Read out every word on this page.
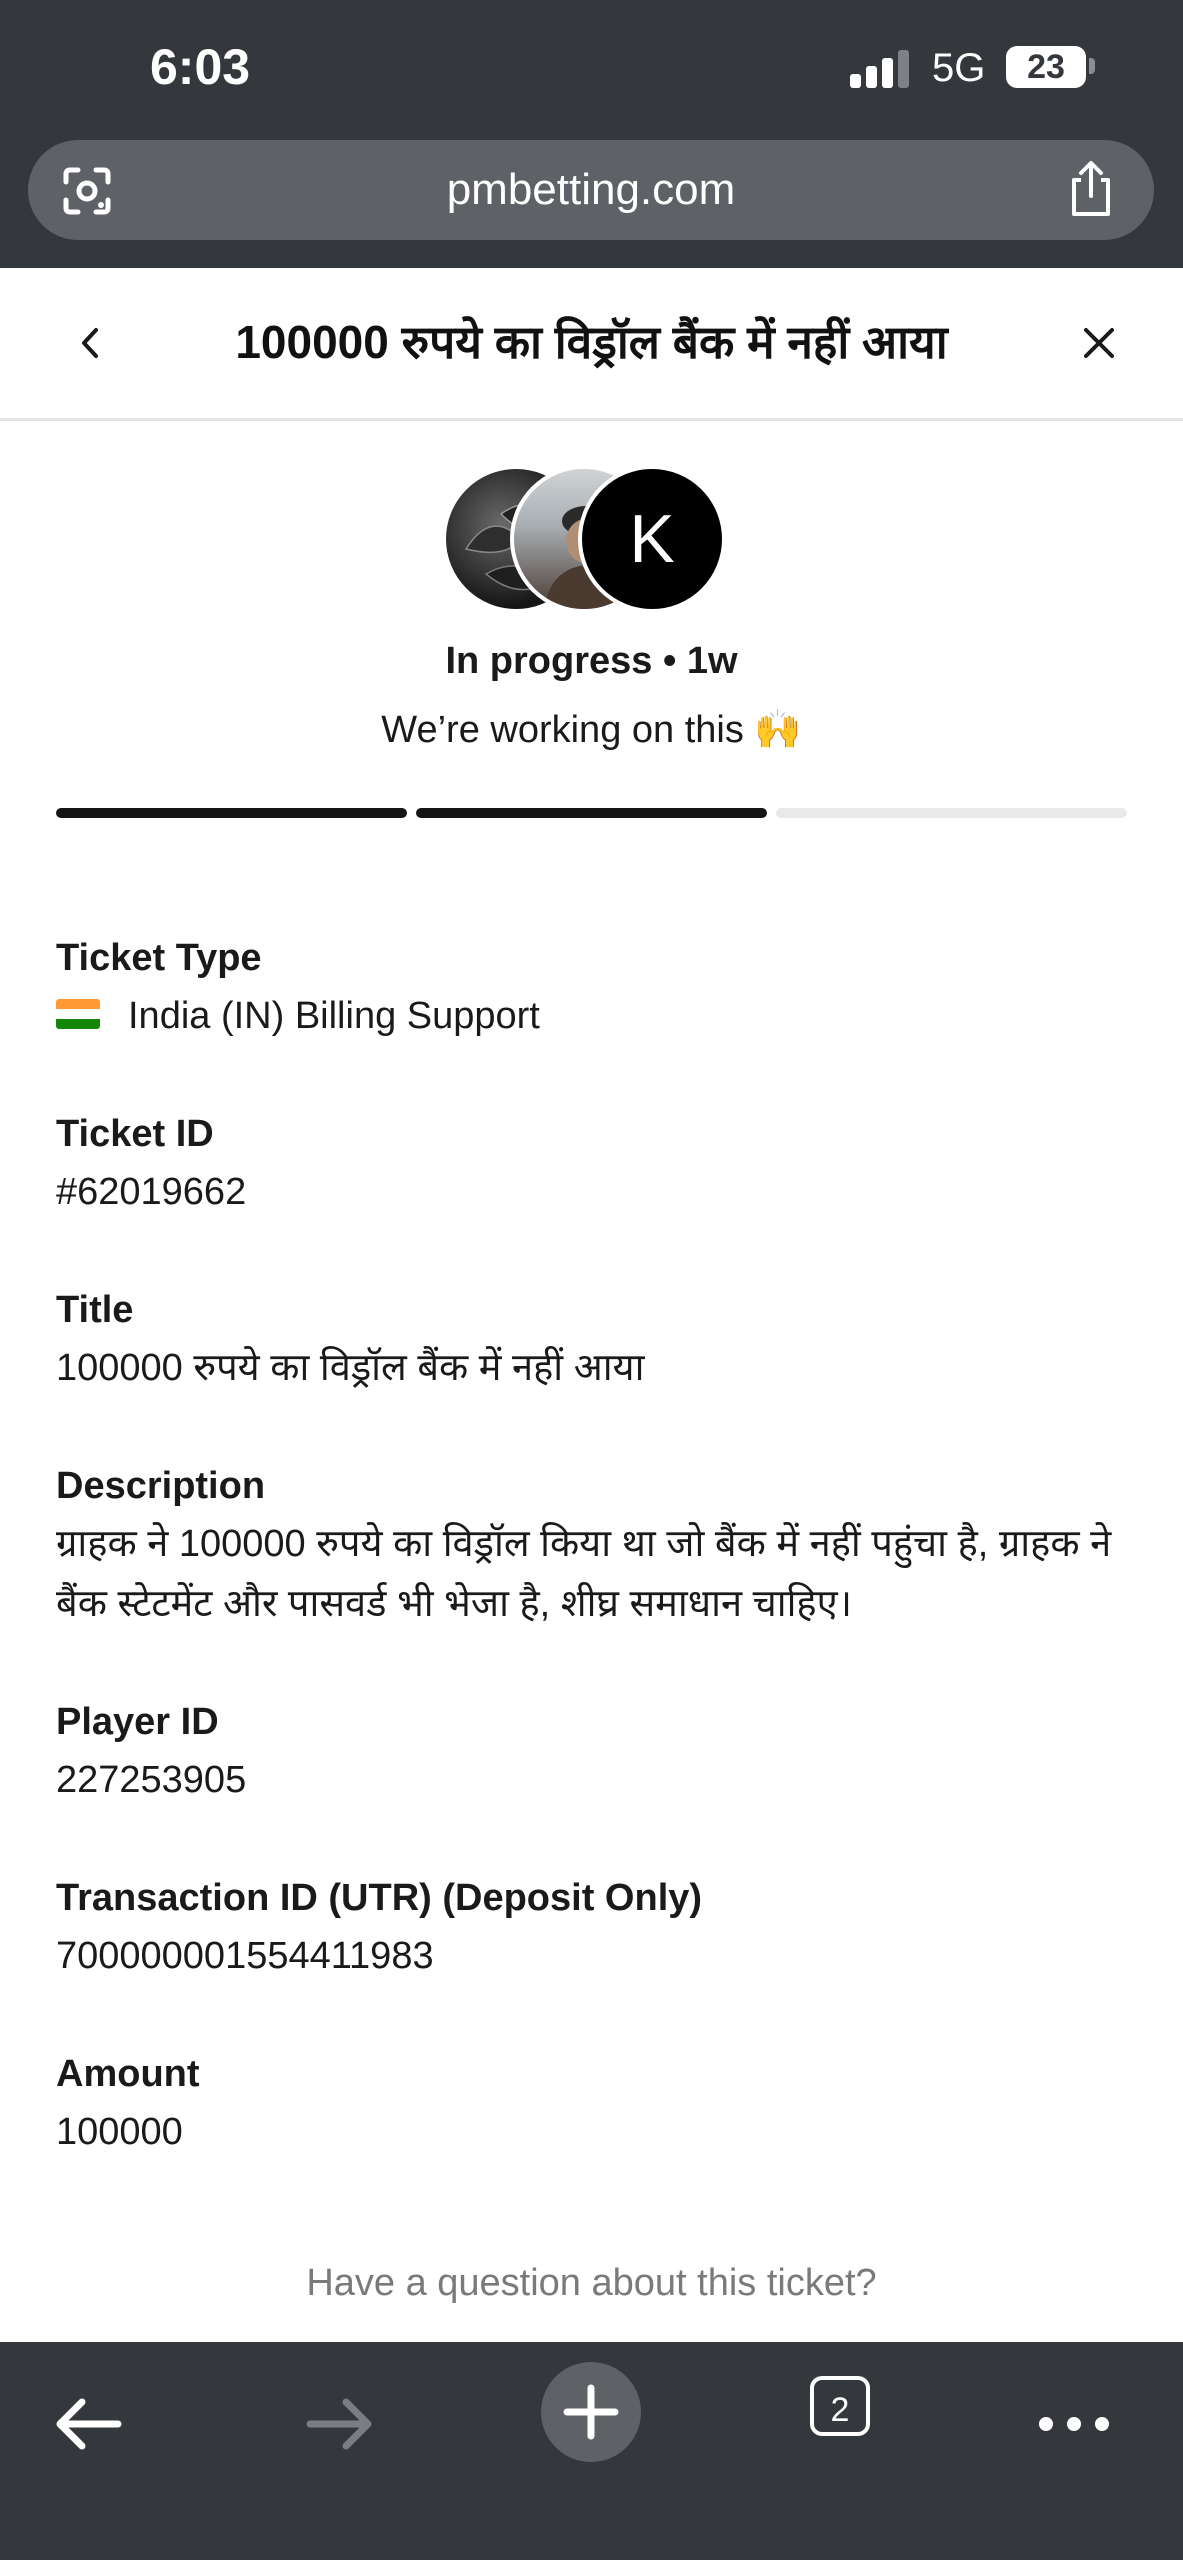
6:03	5G	23
pmbetting.com
100000 रुपये का विड्रॉल बैंक में नहीं आया
K
In progress • 1w
We’re working on this 🙌
Ticket Type
India (IN) Billing Support
Ticket ID
#62019662
Title
100000 रुपये का विड्रॉल बैंक में नहीं आया
Description
ग्राहक ने 100000 रुपये का विड्रॉल किया था जो बैंक में नहीं पहुंचा है, ग्राहक ने बैंक स्टेटमेंट और पासवर्ड भी भेजा है, शीघ्र समाधान चाहिए।
Player ID
227253905
Transaction ID (UTR) (Deposit Only)
700000001554411983
Amount
100000
Have a question about this ticket?
2
